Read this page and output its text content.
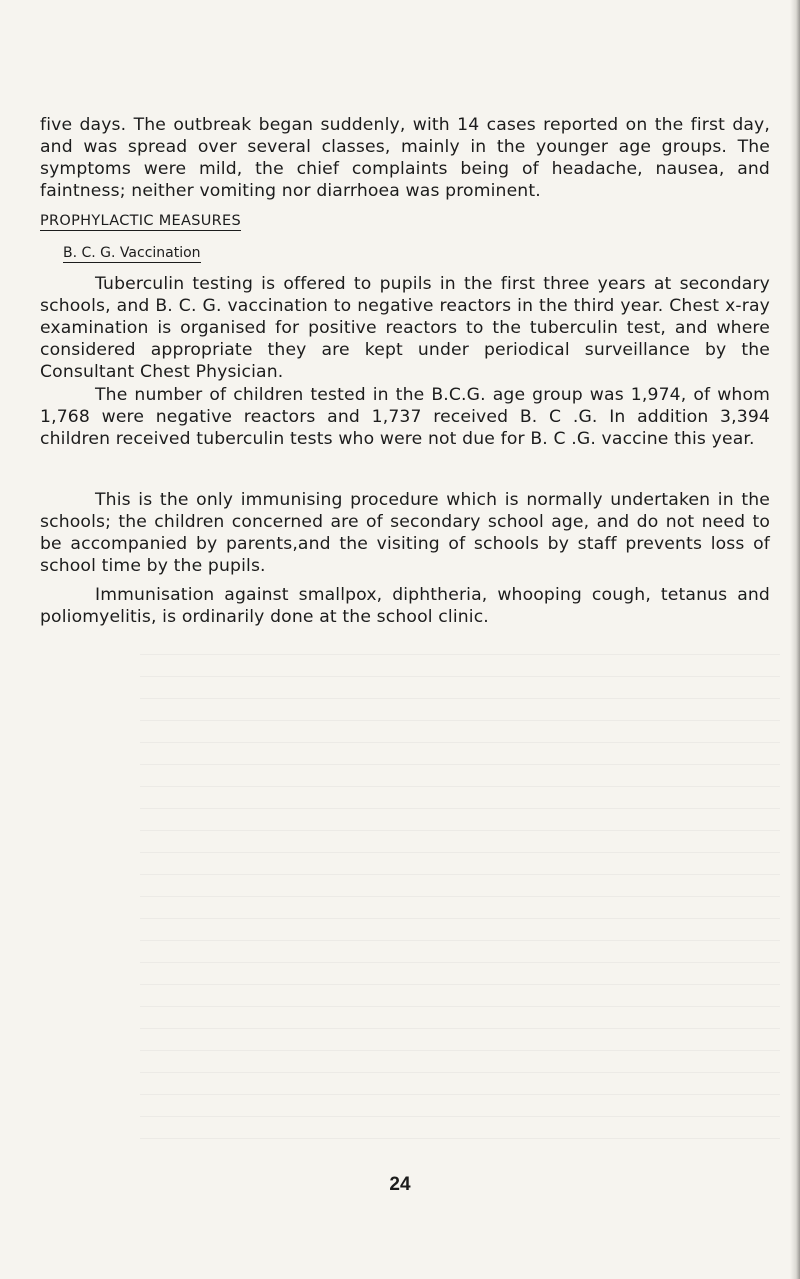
five days. The outbreak began suddenly, with 14 cases reported on the first day, and was spread over several classes, mainly in the younger age groups. The symptoms were mild, the chief complaints being of headache, nausea, and faintness; neither vomiting nor diarrhoea was prominent.

PROPHYLACTIC MEASURES
B. C. G. Vaccination

Tuberculin testing is offered to pupils in the first three years at secondary schools, and B. C. G. vaccination to negative reactors in the third year. Chest x-ray examination is organised for positive reactors to the tuberculin test, and where considered appropriate they are kept under periodical surveillance by the Consultant Chest Physician.

The number of children tested in the B.C.G. age group was 1,974, of whom 1,768 were negative reactors and 1,737 received B. C .G. In addition 3,394 children received tuberculin tests who were not due for B. C .G. vaccine this year.

This is the only immunising procedure which is normally undertaken in the schools; the children concerned are of secondary school age, and do not need to be accompanied by parents,and the visiting of schools by staff prevents loss of school time by the pupils.

Immunisation against smallpox, diphtheria, whooping cough, tetanus and poliomyelitis, is ordinarily done at the school clinic.

24
